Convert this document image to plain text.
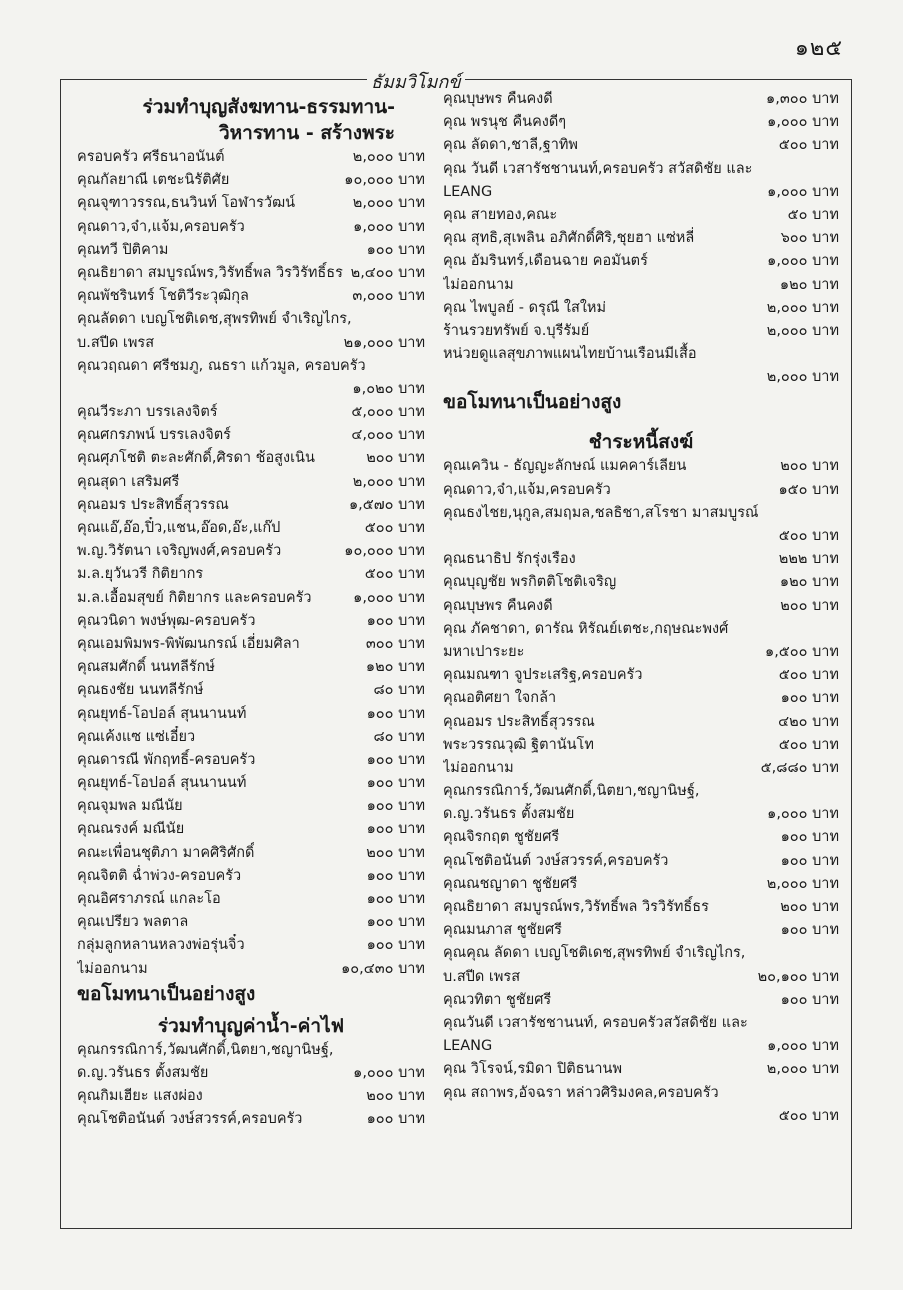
๑๒๕
ธัมมวิโมกข์
ร่วมทำบุญสังฆทาน-ธรรมทาน-
วิหารทาน - สร้างพระ
ครอบครัว ศรีธนาอนันต์	๒,๐๐๐ บาท
คุณกัลยาณี เตชะนิรัติศัย	๑๐,๐๐๐ บาท
คุณจุฑาวรรณ,ธนวินท์ โอฬารวัฒน์	๒,๐๐๐ บาท
คุณดาว,จ๋า,แจ้ม,ครอบครัว	๑,๐๐๐ บาท
คุณทวี ปิติคาม	๑๐๐ บาท
คุณธิยาดา สมบูรณ์พร,วิรัทธิ์พล วิรวิรัทธิ์ธร ๒,๔๐๐ บาท
คุณพัชรินทร์ โชติวีระวุฒิกุล	๓,๐๐๐ บาท
คุณลัดดา เบญโชติเดช,สุพรทิพย์ จำเริญไกร,
บ.สปีด เพรส	๒๑,๐๐๐ บาท
คุณวฤณดา ศรีชมภู, ณธรา แก้วมูล, ครอบครัว
๑,๐๒๐ บาท
คุณวีระภา บรรเลงจิตร์	๕,๐๐๐ บาท
คุณศกรภพน์ บรรเลงจิตร์	๔,๐๐๐ บาท
คุณศุภโชติ ตะละศักดิ์,ศิรดา ช้อสูงเนิน	๒๐๐ บาท
คุณสุดา เสริมศรี	๒,๐๐๐ บาท
คุณอมร ประสิทธิ์สุวรรณ	๑,๕๗๐ บาท
คุณแอ๊,อ๊อ,ปิ๋ว,แชน,อ๊อด,อ๊ะ,แก๊ป	๕๐๐ บาท
พ.ญ.วิรัตนา เจริญพงศ์,ครอบครัว	๑๐,๐๐๐ บาท
ม.ล.ยุวันวรี กิติยากร	๕๐๐ บาท
ม.ล.เอื้อมสุขย์ กิติยากร และครอบครัว	๑,๐๐๐ บาท
คุณวนิดา พงษ์พุฒ-ครอบครัว	๑๐๐ บาท
คุณเอมพิมพร-พิพัฒนกรณ์ เอี่ยมศิลา	๓๐๐ บาท
คุณสมศักดิ์ นนทลีรักษ์	๑๒๐ บาท
คุณธงชัย นนทลีรักษ์	๘๐ บาท
คุณยุทธ์-โอปอล์ สุนนานนท์	๑๐๐ บาท
คุณเค้งแซ แซ่เอี๋ยว	๘๐ บาท
คุณดารณี พักฤทธิ์-ครอบครัว	๑๐๐ บาท
คุณยุทธ์-โอปอล์ สุนนานนท์	๑๐๐ บาท
คุณจุมพล มณีนัย	๑๐๐ บาท
คุณณรงค์ มณีนัย	๑๐๐ บาท
คณะเพื่อนชุติภา มาคศิริศักดิ์	๒๐๐ บาท
คุณจิตติ ฉ่ำพ่วง-ครอบครัว	๑๐๐ บาท
คุณอิศราภรณ์ แกละโอ	๑๐๐ บาท
คุณเปรียว พลตาล	๑๐๐ บาท
กลุ่มลูกหลานหลวงพ่อรุ่นจิ๋ว	๑๐๐ บาท
ไม่ออกนาม	๑๐,๔๓๐ บาท
ขอโมทนาเป็นอย่างสูง
ร่วมทำบุญค่าน้ำ-ค่าไฟ
คุณกรรณิการ์,วัฒนศักดิ์,นิตยา,ชญานิษฐ์,
ด.ญ.วรันธร ตั้งสมชัย	๑,๐๐๐ บาท
คุณกิมเฮียะ แสงผ่อง	๒๐๐ บาท
คุณโชติอนันต์ วงษ์สวรรค์,ครอบครัว	๑๐๐ บาท
คุณบุษพร คืนคงดี	๑,๓๐๐ บาท
คุณ พรนุช คืนคงดีๆ	๑,๐๐๐ บาท
คุณ ลัดดา,ชาลี,ฐาทิพ	๕๐๐ บาท
คุณ วันดี เวสารัชชานนท์,ครอบครัว สวัสดิชัย และ
LEANG	๑,๐๐๐ บาท
คุณ สายทอง,คณะ	๕๐ บาท
คุณ สุทธิ,สุเพลิน อภิศักดิ์ศิริ,ชุยฮา แซ่หลี่	๖๐๐ บาท
คุณ อัมรินทร์,เดือนฉาย คอมันตร์	๑,๐๐๐ บาท
ไม่ออกนาม	๑๒๐ บาท
คุณ ไพบูลย์ - ดรุณี ใสใหม่	๒,๐๐๐ บาท
ร้านรวยทรัพย์ จ.บุรีรัมย์	๒,๐๐๐ บาท
หน่วยดูแลสุขภาพแผนไทยบ้านเรือนมีเสื้อ
๒,๐๐๐ บาท
ขอโมทนาเป็นอย่างสูง
ชำระหนี้สงฆ์
คุณเควิน - ธัญญะลักษณ์ แมคคาร์เลียน	๒๐๐ บาท
คุณดาว,จ๋า,แจ้ม,ครอบครัว	๑๕๐ บาท
คุณธงไชย,นุกูล,สมฤมล,ชลธิชา,สโรชา มาสมบูรณ์
๕๐๐ บาท
คุณธนาธิป รักรุ่งเรือง	๒๒๒ บาท
คุณบุญชัย พรกิตติโชติเจริญ	๑๒๐ บาท
คุณบุษพร คืนคงดี	๒๐๐ บาท
คุณ ภัคชาดา, ดารัณ หิรัณย์เตชะ,กฤษณะพงศ์
มหาเปาระยะ	๑,๕๐๐ บาท
คุณมณฑา จูประเสริฐ,ครอบครัว	๕๐๐ บาท
คุณอติศยา ใจกล้า	๑๐๐ บาท
คุณอมร ประสิทธิ์สุวรรณ	๔๒๐ บาท
พระวรรณวุฒิ ฐิตานันโท	๕๐๐ บาท
ไม่ออกนาม	๕,๘๘๐ บาท
คุณกรรณิการ์,วัฒนศักดิ์,นิตยา,ชญานิษฐ์,
ด.ญ.วรันธร ตั้งสมชัย	๑,๐๐๐ บาท
คุณจิรกฤต ชูชัยศรี	๑๐๐ บาท
คุณโชติอนันต์ วงษ์สวรรค์,ครอบครัว	๑๐๐ บาท
คุณณชญาดา ชูชัยศรี	๒,๐๐๐ บาท
คุณธิยาดา สมบูรณ์พร,วิรัทธิ์พล วิรวิรัทธิ์ธร	๒๐๐ บาท
คุณมนภาส ชูชัยศรี	๑๐๐ บาท
คุณคุณ ลัดดา เบญโชติเดช,สุพรทิพย์ จำเริญไกร,
บ.สปีด เพรส	๒๐,๑๐๐ บาท
คุณวทิตา ชูชัยศรี	๑๐๐ บาท
คุณวันดี เวสารัชชานนท์, ครอบครัวสวัสดิชัย และ
LEANG	๑,๐๐๐ บาท
คุณ วิโรจน์,รมิดา ปิติธนานพ	๒,๐๐๐ บาท
คุณ สถาพร,อัจฉรา หล่าวศิริมงคล,ครอบครัว
๕๐๐ บาท
